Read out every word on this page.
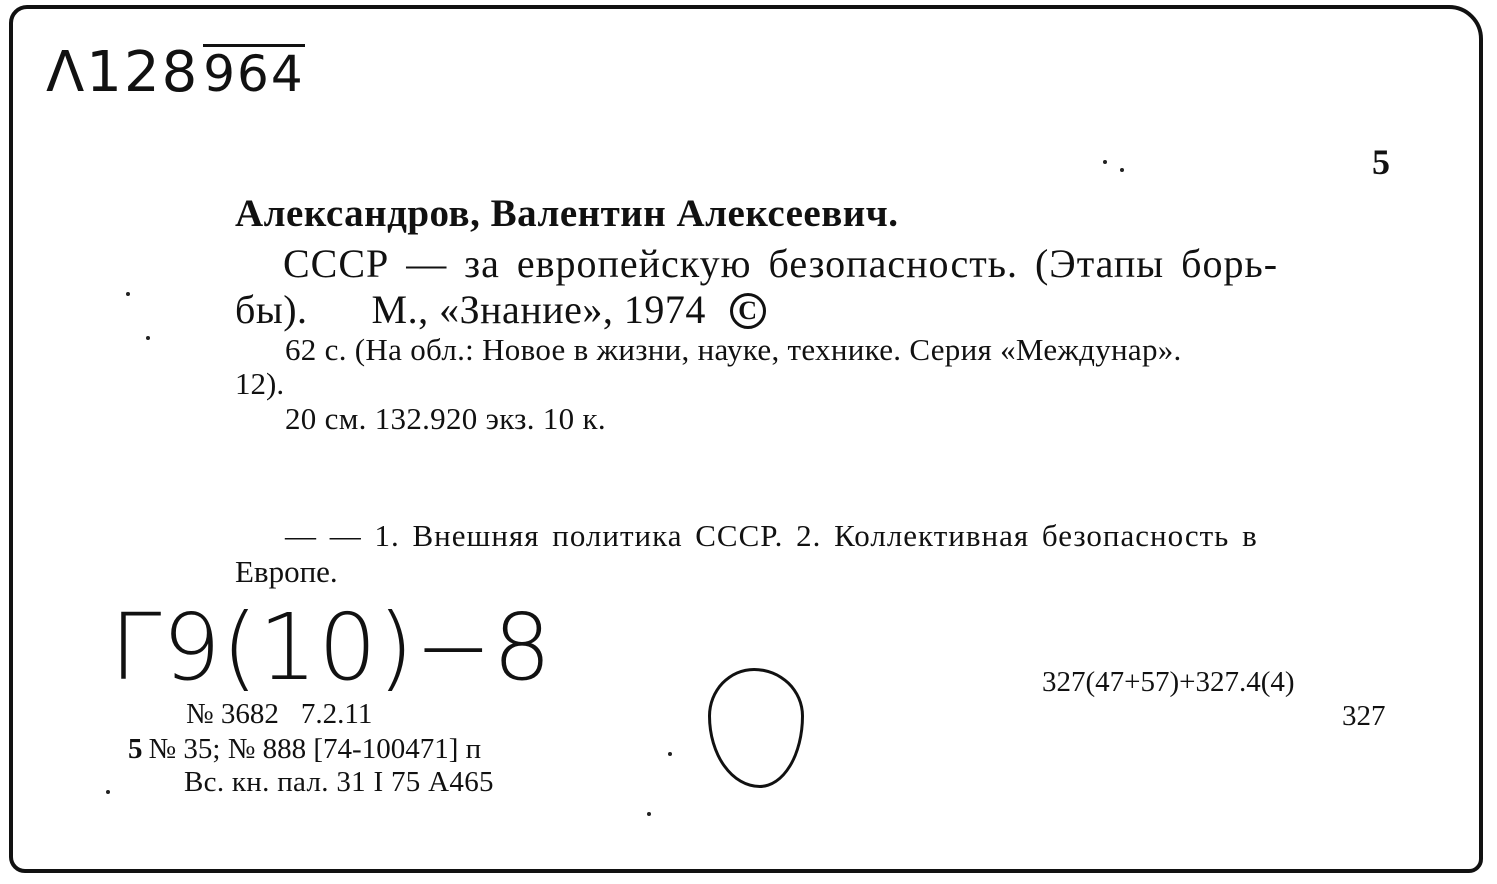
Λ128964
5
Александров, Валентин Алексеевич.
СССР — за европейскую безопасность. (Этапы борь-
бы). М., «Знание», 1974 C
62 с. (На обл.: Новое в жизни, науке, технике. Серия «Междунар».
12).
20 см. 132.920 экз. 10 к.
— — 1. Внешняя политика СССР. 2. Коллективная безопасность в
Европе.
Г9(10)−8	327(47+57)+327.4(4)
327
№ 3682 7.2.11
5 № 35; № 888 [74-100471] п
Вс. кн. пал. 31 I 75 А465
